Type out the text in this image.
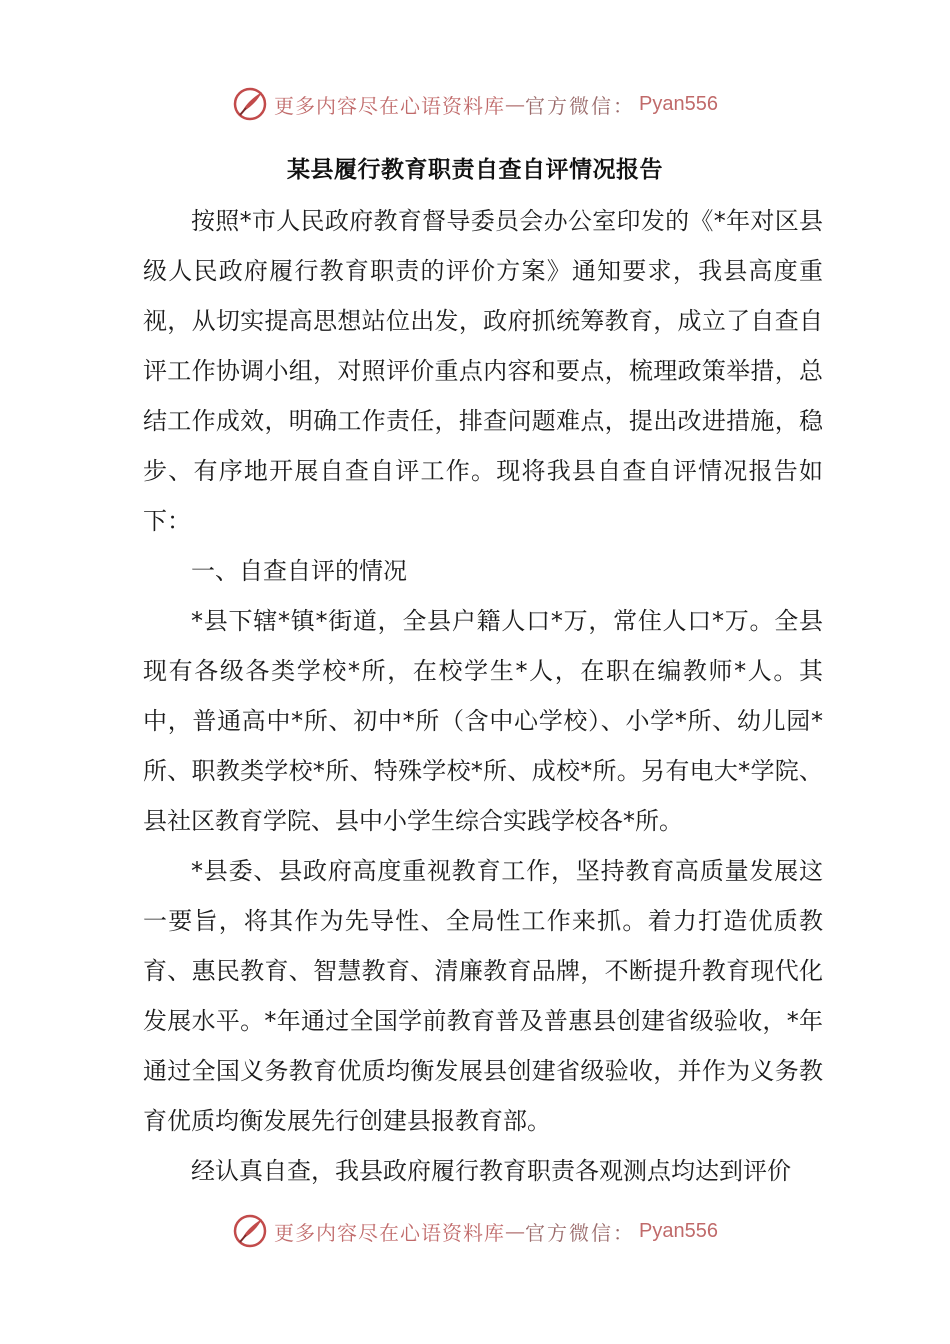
更多内容尽在心语资料库 — 官方微信： Pyan556
某县履行教育职责自查自评情况报告

按照*市人民政府教育督导委员会办公室印发的《*年对区县级人民政府履行教育职责的评价方案》通知要求，我县高度重视，从切实提高思想站位出发，政府抓统筹教育，成立了自查自评工作协调小组，对照评价重点内容和要点，梳理政策举措，总结工作成效，明确工作责任，排查问题难点，提出改进措施，稳步、有序地开展自查自评工作。现将我县自查自评情况报告如下：

一、自查自评的情况

*县下辖*镇*街道，全县户籍人口*万，常住人口*万。全县现有各级各类学校*所，在校学生*人，在职在编教师*人。其中，普通高中*所、初中*所（含中心学校）、小学*所、幼儿园*所、职教类学校*所、特殊学校*所、成校*所。另有电大*学院、县社区教育学院、县中小学生综合实践学校各*所。

*县委、县政府高度重视教育工作，坚持教育高质量发展这一要旨，将其作为先导性、全局性工作来抓。着力打造优质教育、惠民教育、智慧教育、清廉教育品牌，不断提升教育现代化发展水平。*年通过全国学前教育普及普惠县创建省级验收，*年通过全国义务教育优质均衡发展县创建省级验收，并作为义务教育优质均衡发展先行创建县报教育部。

经认真自查，我县政府履行教育职责各观测点均达到评价

更多内容尽在心语资料库 — 官方微信： Pyan556
